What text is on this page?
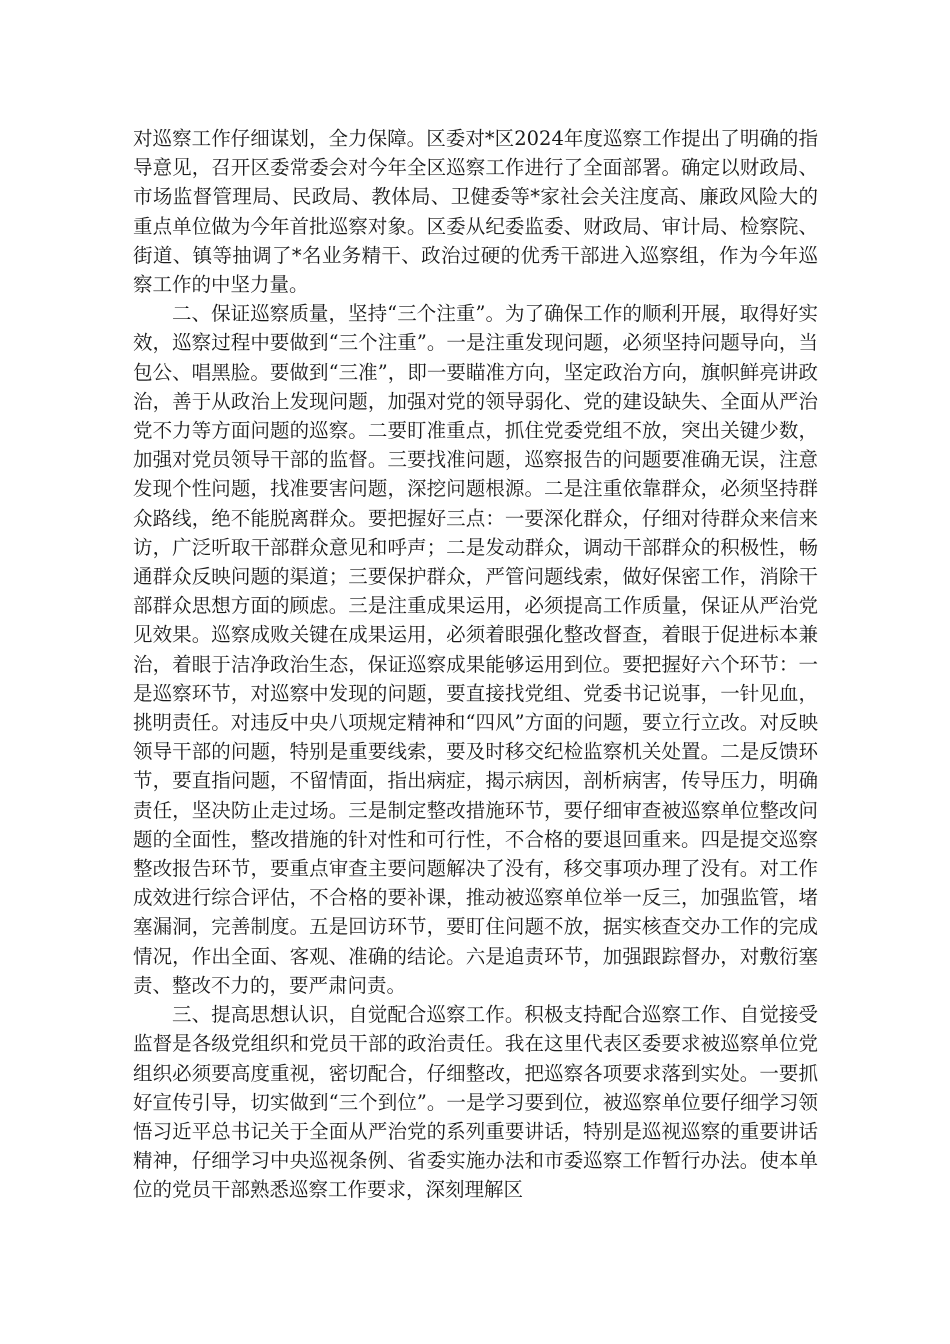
对巡察工作仔细谋划，全力保障。区委对*区2024年度巡察工作提出了明确的指导意见，召开区委常委会对今年全区巡察工作进行了全面部署。确定以财政局、市场监督管理局、民政局、教体局、卫健委等*家社会关注度高、廉政风险大的重点单位做为今年首批巡察对象。区委从纪委监委、财政局、审计局、检察院、街道、镇等抽调了*名业务精干、政治过硬的优秀干部进入巡察组，作为今年巡察工作的中坚力量。

二、保证巡察质量，坚持“三个注重”。为了确保工作的顺利开展，取得好实效，巡察过程中要做到“三个注重”。一是注重发现问题，必须坚持问题导向，当包公、唱黑脸。要做到“三准”，即一要瞄准方向，坚定政治方向，旗帜鲜亮讲政治，善于从政治上发现问题，加强对党的领导弱化、党的建设缺失、全面从严治党不力等方面问题的巡察。二要盯准重点，抓住党委党组不放，突出关键少数，加强对党员领导干部的监督。三要找准问题，巡察报告的问题要准确无误，注意发现个性问题，找准要害问题，深挖问题根源。二是注重依靠群众，必须坚持群众路线，绝不能脱离群众。要把握好三点：一要深化群众，仔细对待群众来信来访，广泛听取干部群众意见和呼声；二是发动群众，调动干部群众的积极性，畅通群众反映问题的渠道；三要保护群众，严管问题线索，做好保密工作，消除干部群众思想方面的顾虑。三是注重成果运用，必须提高工作质量，保证从严治党见效果。巡察成败关键在成果运用，必须着眼强化整改督查，着眼于促进标本兼治，着眼于洁净政治生态，保证巡察成果能够运用到位。要把握好六个环节：一是巡察环节，对巡察中发现的问题，要直接找党组、党委书记说事，一针见血，挑明责任。对违反中央八项规定精神和“四风”方面的问题，要立行立改。对反映领导干部的问题，特别是重要线索，要及时移交纪检监察机关处置。二是反馈环节，要直指问题，不留情面，指出病症，揭示病因，剖析病害，传导压力，明确责任，坚决防止走过场。三是制定整改措施环节，要仔细审查被巡察单位整改问题的全面性，整改措施的针对性和可行性，不合格的要退回重来。四是提交巡察整改报告环节，要重点审查主要问题解决了没有，移交事项办理了没有。对工作成效进行综合评估，不合格的要补课，推动被巡察单位举一反三，加强监管，堵塞漏洞，完善制度。五是回访环节，要盯住问题不放，据实核查交办工作的完成情况，作出全面、客观、准确的结论。六是追责环节，加强跟踪督办，对敷衍塞责、整改不力的，要严肃问责。

三、提高思想认识，自觉配合巡察工作。积极支持配合巡察工作、自觉接受监督是各级党组织和党员干部的政治责任。我在这里代表区委要求被巡察单位党组织必须要高度重视，密切配合，仔细整改，把巡察各项要求落到实处。一要抓好宣传引导，切实做到“三个到位”。一是学习要到位，被巡察单位要仔细学习领悟习近平总书记关于全面从严治党的系列重要讲话，特别是巡视巡察的重要讲话精神，仔细学习中央巡视条例、省委实施办法和市委巡察工作暂行办法。使本单位的党员干部熟悉巡察工作要求，深刻理解区
